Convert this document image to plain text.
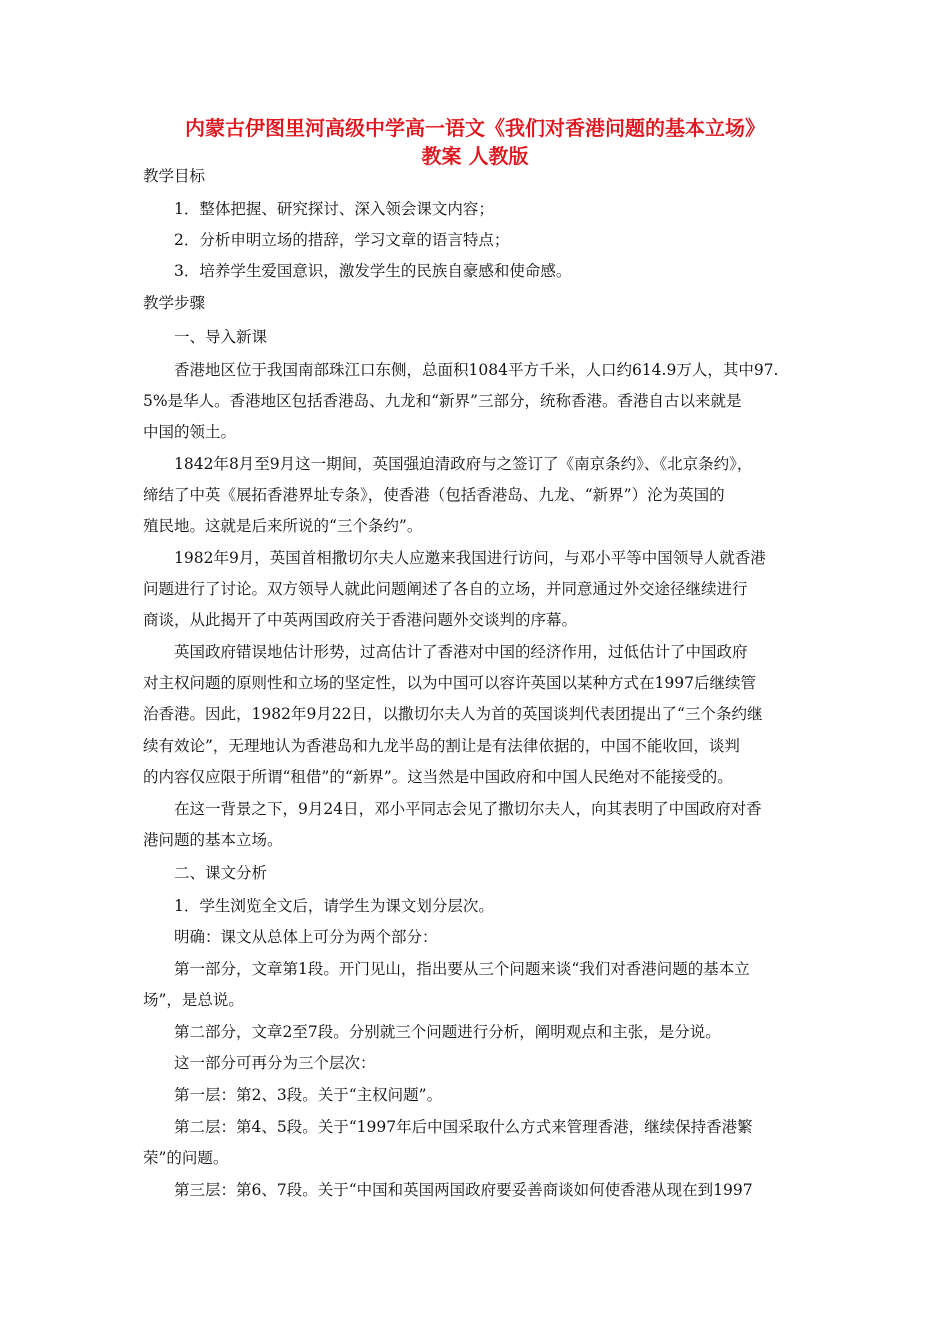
内蒙古伊图里河高级中学高一语文《我们对香港问题的基本立场》
教案 人教版
教学目标
1．整体把握、研究探讨、深入领会课文内容；
2．分析申明立场的措辞，学习文章的语言特点；
3．培养学生爱国意识，激发学生的民族自豪感和使命感。
教学步骤
一、导入新课
香港地区位于我国南部珠江口东侧，总面积1084平方千米，人口约614.9万人，其中97.
5%是华人。香港地区包括香港岛、九龙和“新界”三部分，统称香港。香港自古以来就是
中国的领土。
1842年8月至9月这一期间，英国强迫清政府与之签订了《南京条约》、《北京条约》，
缔结了中英《展拓香港界址专条》，使香港（包括香港岛、九龙、“新界”）沦为英国的
殖民地。这就是后来所说的“三个条约”。
1982年9月，英国首相撒切尔夫人应邀来我国进行访问，与邓小平等中国领导人就香港
问题进行了讨论。双方领导人就此问题阐述了各自的立场，并同意通过外交途径继续进行
商谈，从此揭开了中英两国政府关于香港问题外交谈判的序幕。
英国政府错误地估计形势，过高估计了香港对中国的经济作用，过低估计了中国政府
对主权问题的原则性和立场的坚定性，以为中国可以容许英国以某种方式在1997后继续管
治香港。因此，1982年9月22日，以撒切尔夫人为首的英国谈判代表团提出了“三个条约继
续有效论”，无理地认为香港岛和九龙半岛的割让是有法律依据的，中国不能收回，谈判
的内容仅应限于所谓“租借”的“新界”。这当然是中国政府和中国人民绝对不能接受的。
在这一背景之下，9月24日，邓小平同志会见了撒切尔夫人，向其表明了中国政府对香
港问题的基本立场。
二、课文分析
1．学生浏览全文后，请学生为课文划分层次。
明确：课文从总体上可分为两个部分：
第一部分，文章第1段。开门见山，指出要从三个问题来谈“我们对香港问题的基本立
场”，是总说。
第二部分，文章2至7段。分别就三个问题进行分析，阐明观点和主张，是分说。
这一部分可再分为三个层次：
第一层：第2、3段。关于“主权问题”。
第二层：第4、5段。关于“1997年后中国采取什么方式来管理香港，继续保持香港繁
荣”的问题。
第三层：第6、7段。关于“中国和英国两国政府要妥善商谈如何使香港从现在到1997
